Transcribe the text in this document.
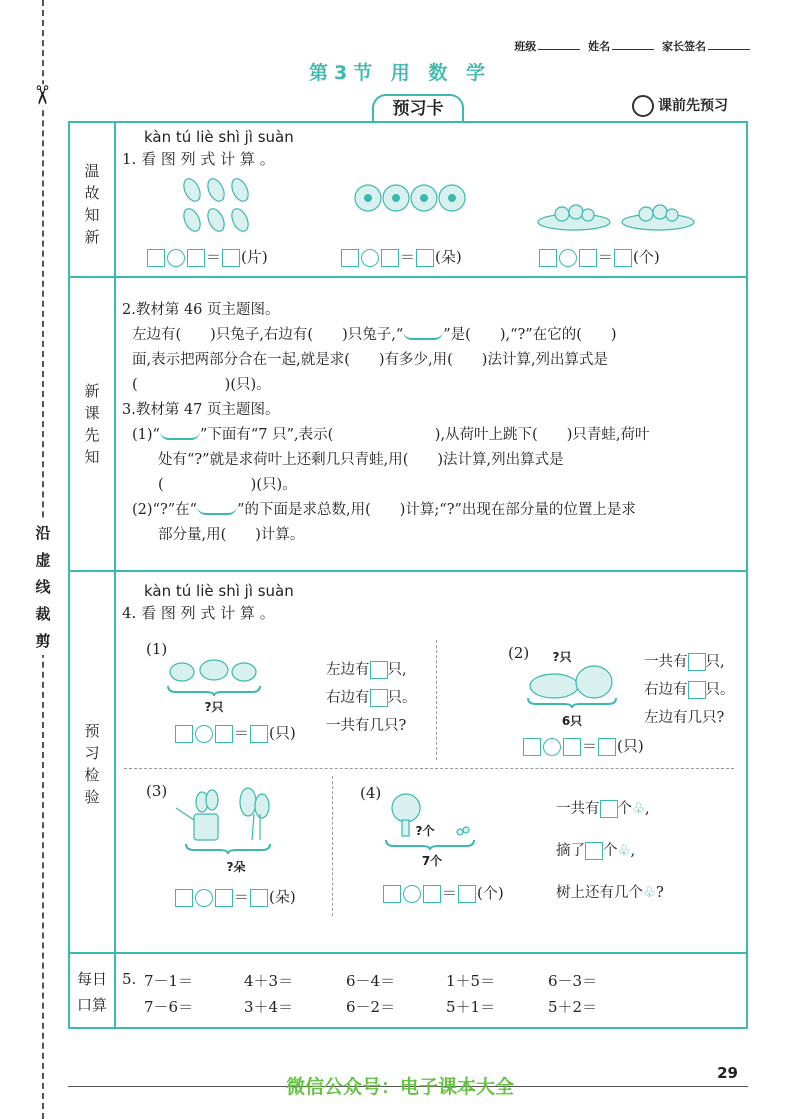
✂
沿
虚
线
裁
剪
班级	姓名	家长签名
第3节 用 数 学
预习卡	课前先预习
温
故
知
新
新
课
先
知
预
习
检
验
每日
口算
kàn tú liè shì jì suàn
1. 看 图 列 式 计 算 。
＝ (片)	＝ (朵)	＝ (个)
2.教材第 46 页主题图。
左边有(　　)只兔子,右边有(　　)只兔子,“	”是(　　),“?”在它的(　　)
面,表示把两部分合在一起,就是求(　　)有多少,用(　　)法计算,列出算式是
(　　　　　　)(只)。
3.教材第 47 页主题图。
(1)“	”下面有“7 只”,表示(　　　　　　　),从荷叶上跳下(　　)只青蛙,荷叶
处有“?”就是求荷叶上还剩几只青蛙,用(　　)法计算,列出算式是
(　　　　　　)(只)。
(2)“?”在“	”的下面是求总数,用(　　)计算;“?”出现在部分量的位置上是求
部分量,用(　　)计算。
kàn tú liè shì jì suàn
4. 看 图 列 式 计 算 。
(1)
?只
＝ (只)
左边有 只,
右边有 只。
一共有几只?
(2)	?只
6只
＝ (只)
一共有 只,
右边有 只。
左边有几只?
(3)
?朵
＝ (朵)
(4)
?个
7个
＝ (个)
一共有 个♧,
摘了 个♧,
树上还有几个♧?
5. 7－1＝	4＋3＝	6－4＝	1＋5＝	6－3＝
7－6＝	3＋4＝	6－2＝	5＋1＝	5＋2＝
29
微信公众号：电子课本大全
